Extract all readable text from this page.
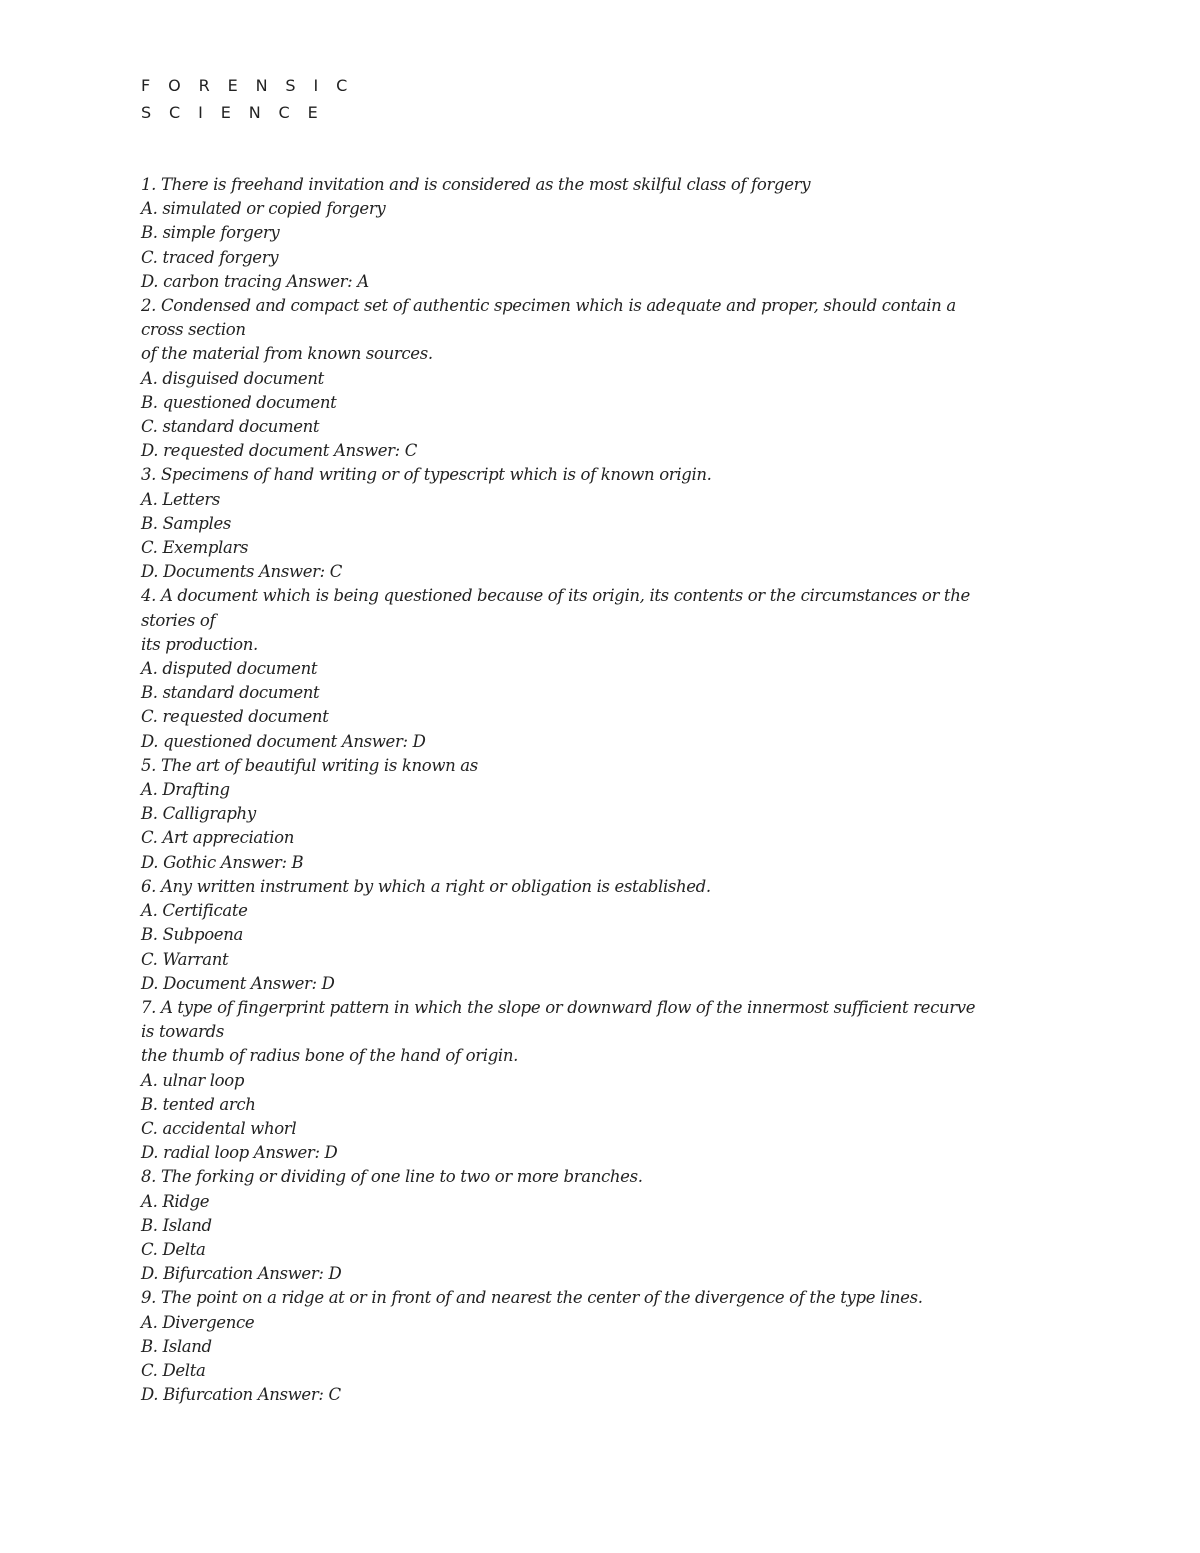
F O R E N S I C
S C I E N C E

1. There is freehand invitation and is considered as the most skilful class of forgery

A. simulated or copied forgery

B. simple forgery

C. traced forgery

D. carbon tracing Answer: A

2. Condensed and compact set of authentic specimen which is adequate and proper, should contain a

cross section

of the material from known sources.

A. disguised document

B. questioned document

C. standard document

D. requested document Answer: C

3. Specimens of hand writing or of typescript which is of known origin.

A. Letters

B. Samples

C. Exemplars

D. Documents Answer: C

4. A document which is being questioned because of its origin, its contents or the circumstances or the

stories of

its production.

A. disputed document

B. standard document

C. requested document

D. questioned document Answer: D

5. The art of beautiful writing is known as

A. Drafting

B. Calligraphy

C. Art appreciation

D. Gothic Answer: B

6. Any written instrument by which a right or obligation is established.

A. Certificate

B. Subpoena

C. Warrant

D. Document Answer: D

7. A type of fingerprint pattern in which the slope or downward flow of the innermost sufficient recurve

is towards

the thumb of radius bone of the hand of origin.

A. ulnar loop

B. tented arch

C. accidental whorl

D. radial loop Answer: D

8. The forking or dividing of one line to two or more branches.

A. Ridge

B. Island

C. Delta

D. Bifurcation Answer: D

9. The point on a ridge at or in front of and nearest the center of the divergence of the type lines.

A. Divergence

B. Island

C. Delta

D. Bifurcation Answer: C
